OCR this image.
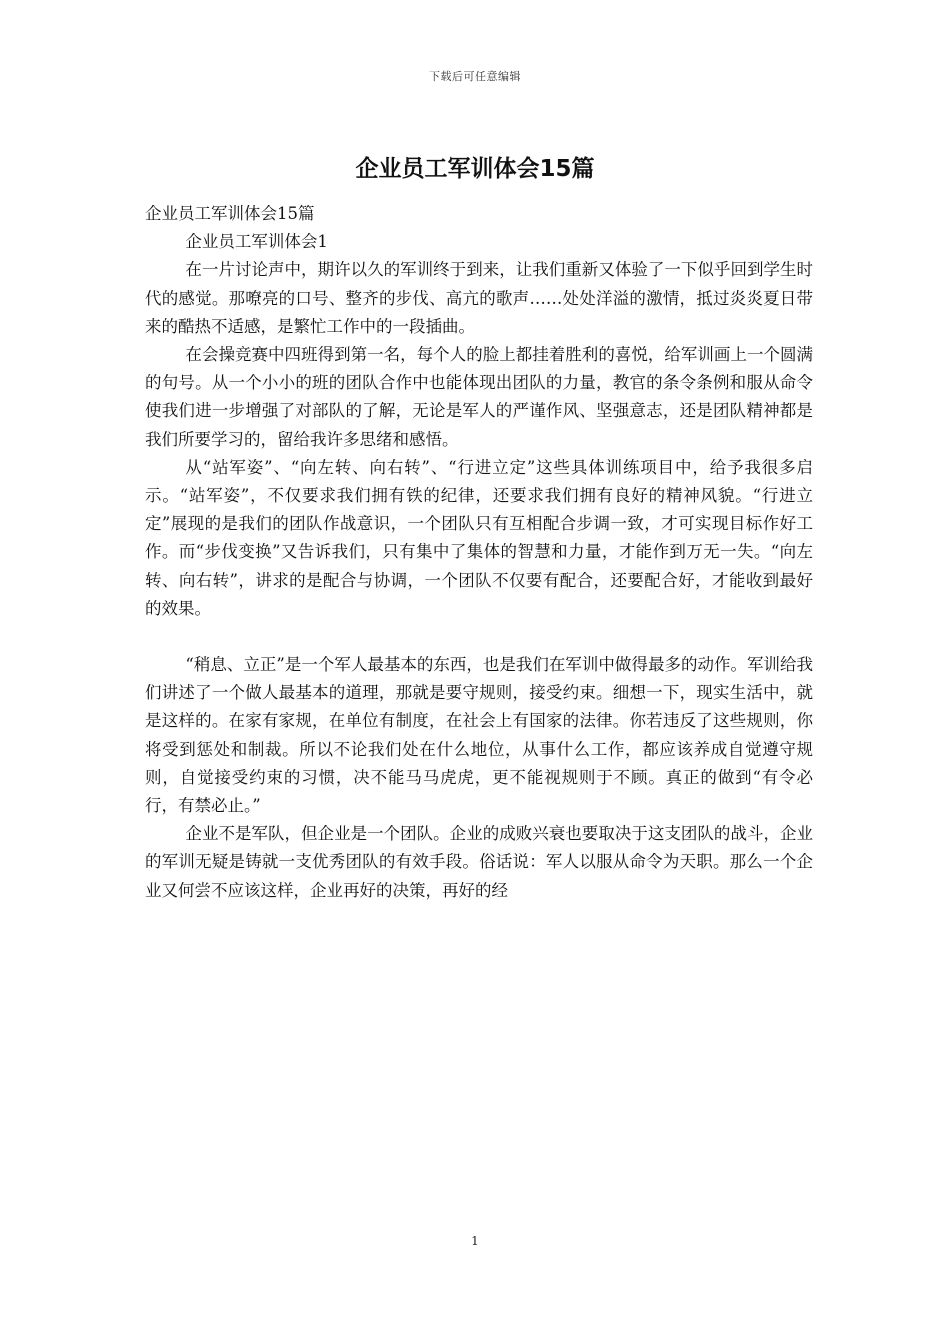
下载后可任意编辑
企业员工军训体会15篇

企业员工军训体会15篇

企业员工军训体会1

在一片讨论声中，期许以久的军训终于到来，让我们重新又体验了一下似乎回到学生时代的感觉。那嘹亮的口号、整齐的步伐、高亢的歌声……处处洋溢的激情，抵过炎炎夏日带来的酷热不适感，是繁忙工作中的一段插曲。

在会操竞赛中四班得到第一名，每个人的脸上都挂着胜利的喜悦，给军训画上一个圆满的句号。从一个小小的班的团队合作中也能体现出团队的力量，教官的条令条例和服从命令使我们进一步增强了对部队的了解，无论是军人的严谨作风、坚强意志，还是团队精神都是我们所要学习的，留给我许多思绪和感悟。

从“站军姿”、“向左转、向右转”、“行进立定”这些具体训练项目中，给予我很多启示。“站军姿”，不仅要求我们拥有铁的纪律，还要求我们拥有良好的精神风貌。“行进立定”展现的是我们的团队作战意识，一个团队只有互相配合步调一致，才可实现目标作好工作。而“步伐变换”又告诉我们，只有集中了集体的智慧和力量，才能作到万无一失。“向左转、向右转”，讲求的是配合与协调，一个团队不仅要有配合，还要配合好，才能收到最好的效果。

“稍息、立正”是一个军人最基本的东西，也是我们在军训中做得最多的动作。军训给我们讲述了一个做人最基本的道理，那就是要守规则，接受约束。细想一下，现实生活中，就是这样的。在家有家规，在单位有制度，在社会上有国家的法律。你若违反了这些规则，你将受到惩处和制裁。所以不论我们处在什么地位，从事什么工作，都应该养成自觉遵守规则，自觉接受约束的习惯，决不能马马虎虎，更不能视规则于不顾。真正的做到“有令必行，有禁必止。”

企业不是军队，但企业是一个团队。企业的成败兴衰也要取决于这支团队的战斗，企业的军训无疑是铸就一支优秀团队的有效手段。俗话说：军人以服从命令为天职。那么一个企业又何尝不应该这样，企业再好的决策，再好的经

1
